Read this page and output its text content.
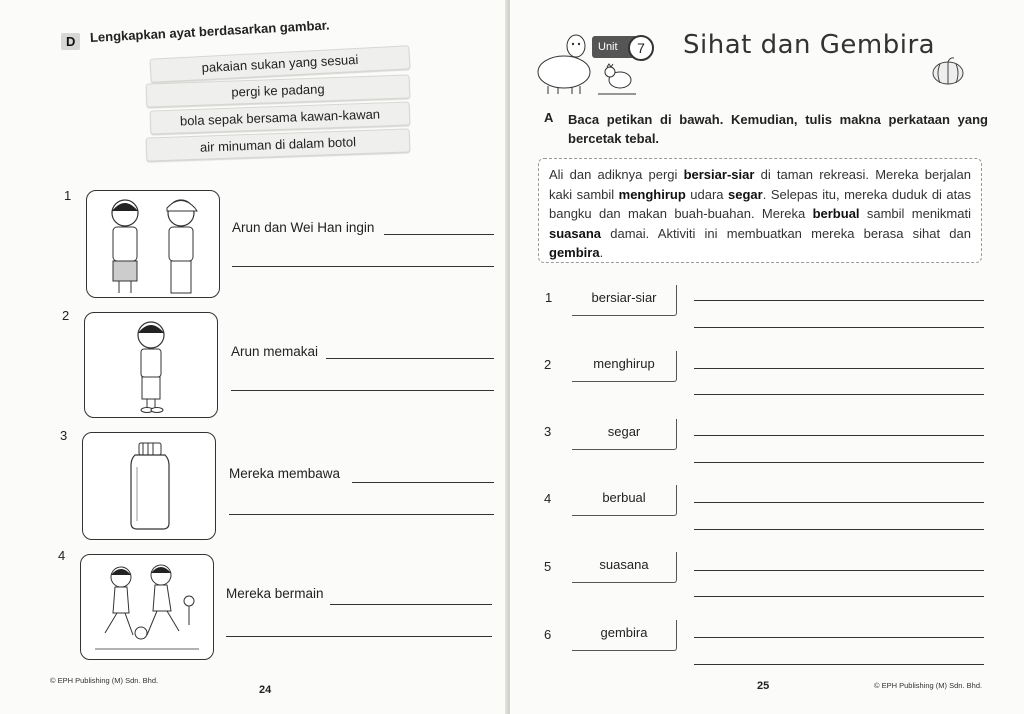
D	Lengkapkan ayat berdasarkan gambar.
pakaian sukan yang sesuai
pergi ke padang
bola sepak bersama kawan-kawan
air minuman di dalam botol
1
Arun dan Wei Han ingin
2
Arun memakai
3
Mereka membawa
4
Mereka bermain
© EPH Publishing (M) Sdn. Bhd.
24
Unit	7	Sihat dan Gembira
A Baca petikan di bawah. Kemudian, tulis makna perkataan yang bercetak tebal.
Ali dan adiknya pergi bersiar-siar di taman rekreasi. Mereka berjalan kaki sambil menghirup udara segar. Selepas itu, mereka duduk di atas bangku dan makan buah-buahan. Mereka berbual sambil menikmati suasana damai. Aktiviti ini membuatkan mereka berasa sihat dan gembira.
1	bersiar-siar
2	menghirup
3	segar
4	berbual
5	suasana
6	gembira
25	© EPH Publishing (M) Sdn. Bhd.
